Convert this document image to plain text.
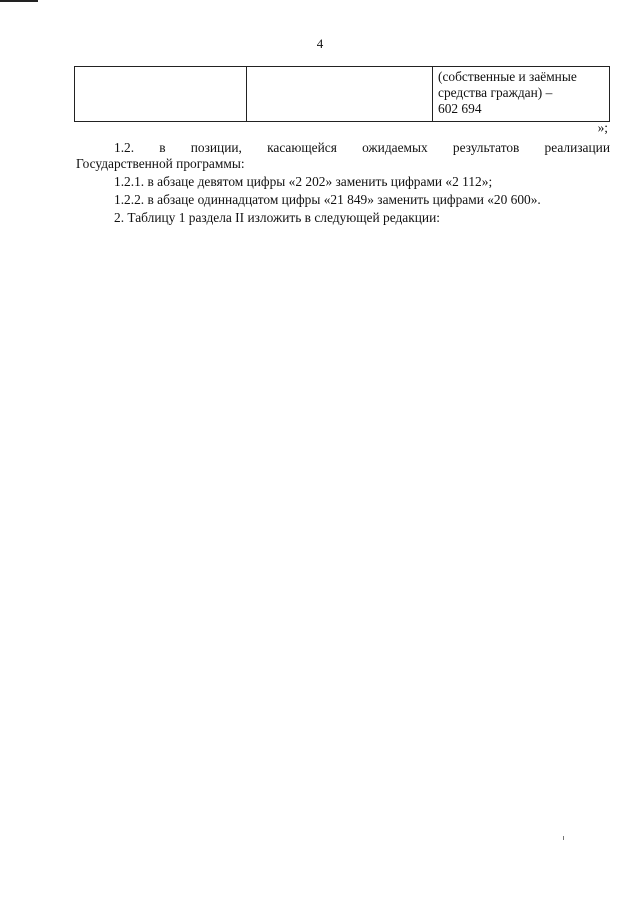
4
		(собственные и заёмные средства граждан) –
602 694
»;

1.2. в позиции, касающейся ожидаемых результатов реализации
Государственной программы:

1.2.1. в абзаце девятом цифры «2 202» заменить цифрами «2 112»;

1.2.2. в абзаце одиннадцатом цифры «21 849» заменить цифрами «20 600».

2. Таблицу 1 раздела II изложить в следующей редакции:
